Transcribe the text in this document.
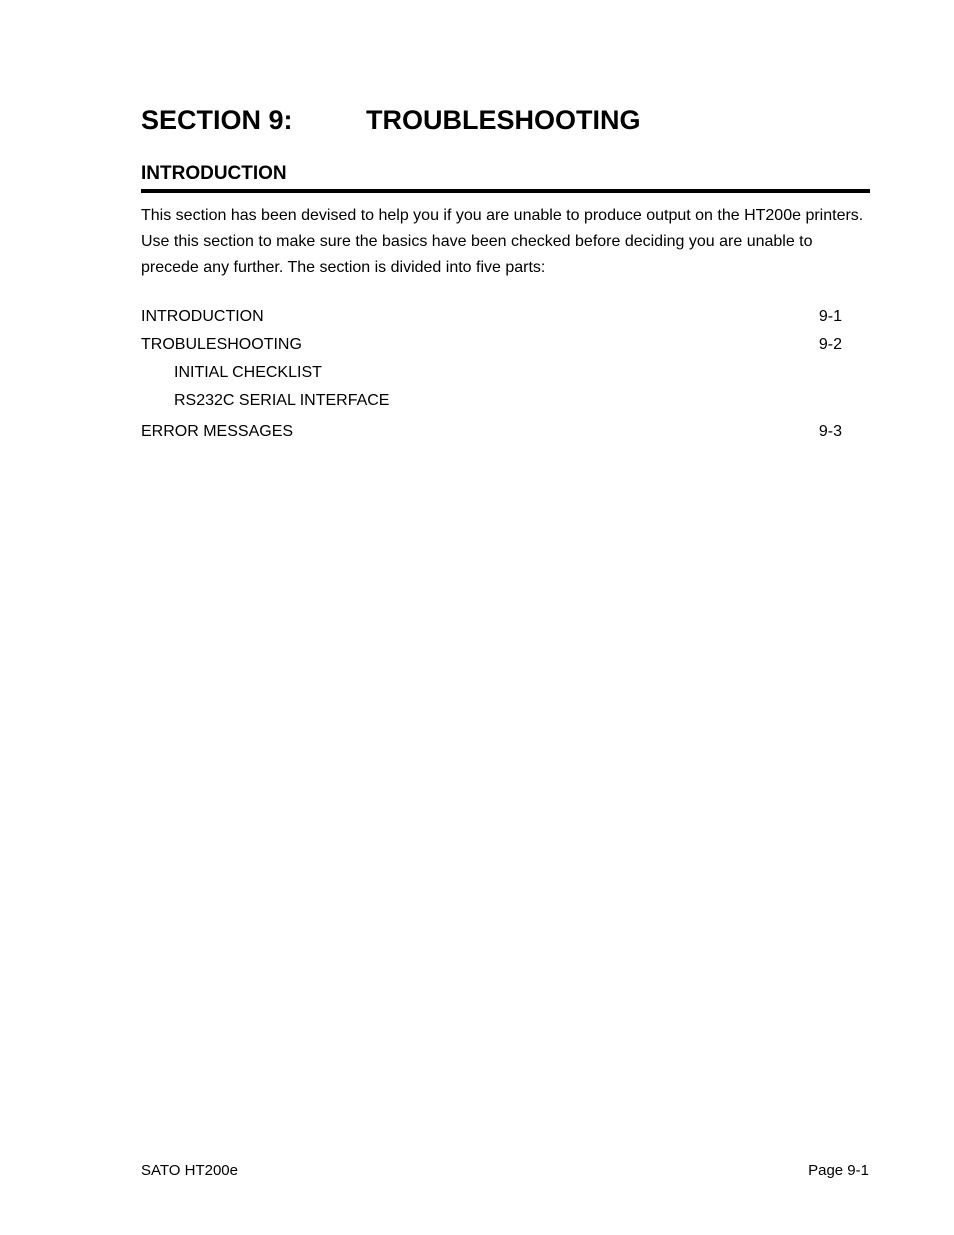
SECTION 9:	TROUBLESHOOTING
INTRODUCTION

This section has been devised to help you if you are unable to produce output on the HT200e printers. Use this section to make sure the basics have been checked before deciding you are unable to precede any further. The section is divided into five parts:

INTRODUCTION	9-1
TROBULESHOOTING	9-2
INITIAL CHECKLIST
RS232C SERIAL INTERFACE
ERROR MESSAGES	9-3
SATO HT200e	Page 9-1
